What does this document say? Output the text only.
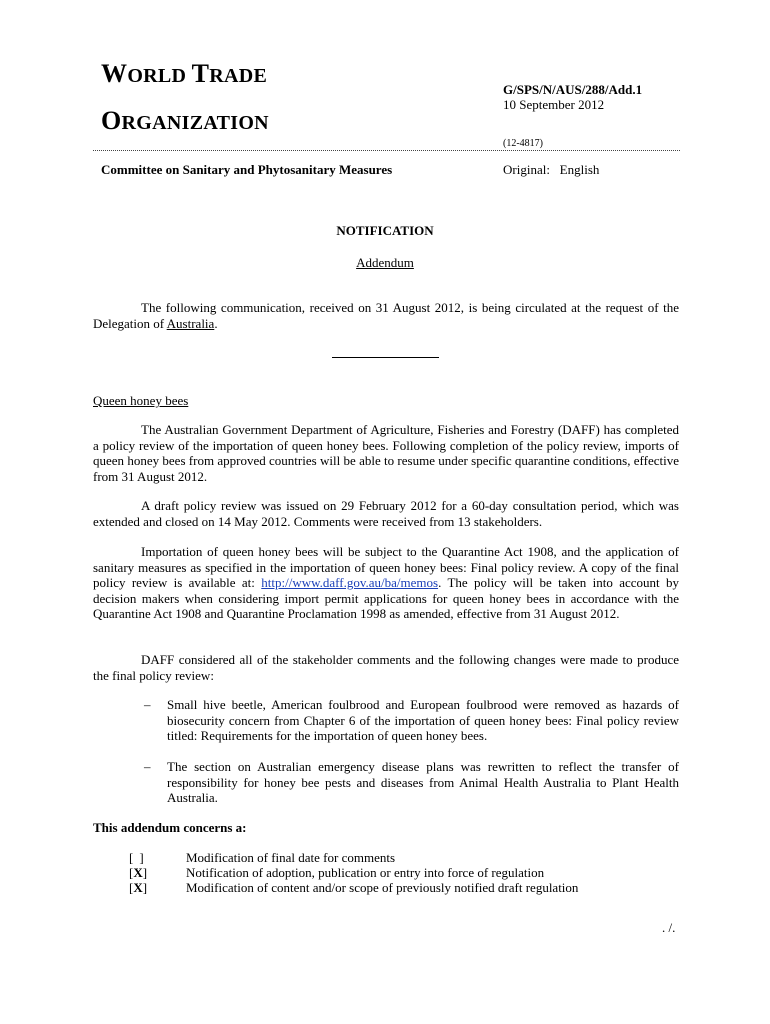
WORLD TRADE
ORGANIZATION
G/SPS/N/AUS/288/Add.1
10 September 2012
(12-4817)
Committee on Sanitary and Phytosanitary Measures	Original:   English
NOTIFICATION
Addendum
The following communication, received on 31 August 2012, is being circulated at the request of the Delegation of Australia.
Queen honey bees
The Australian Government Department of Agriculture, Fisheries and Forestry (DAFF) has completed a policy review of the importation of queen honey bees. Following completion of the policy review, imports of queen honey bees from approved countries will be able to resume under specific quarantine conditions, effective from 31 August 2012.
A draft policy review was issued on 29 February 2012 for a 60-day consultation period, which was extended and closed on 14 May 2012. Comments were received from 13 stakeholders.
Importation of queen honey bees will be subject to the Quarantine Act 1908, and the application of sanitary measures as specified in the importation of queen honey bees: Final policy review. A copy of the final policy review is available at: http://www.daff.gov.au/ba/memos. The policy will be taken into account by decision makers when considering import permit applications for queen honey bees in accordance with the Quarantine Act 1908 and Quarantine Proclamation 1998 as amended, effective from 31 August 2012.
DAFF considered all of the stakeholder comments and the following changes were made to produce the final policy review:
– Small hive beetle, American foulbrood and European foulbrood were removed as hazards of biosecurity concern from Chapter 6 of the importation of queen honey bees: Final policy review titled: Requirements for the importation of queen honey bees.
– The section on Australian emergency disease plans was rewritten to reflect the transfer of responsibility for honey bee pests and diseases from Animal Health Australia to Plant Health Australia.
This addendum concerns a:
[ ]	Modification of final date for comments
[X]	Notification of adoption, publication or entry into force of regulation
[X]	Modification of content and/or scope of previously notified draft regulation
. /.
